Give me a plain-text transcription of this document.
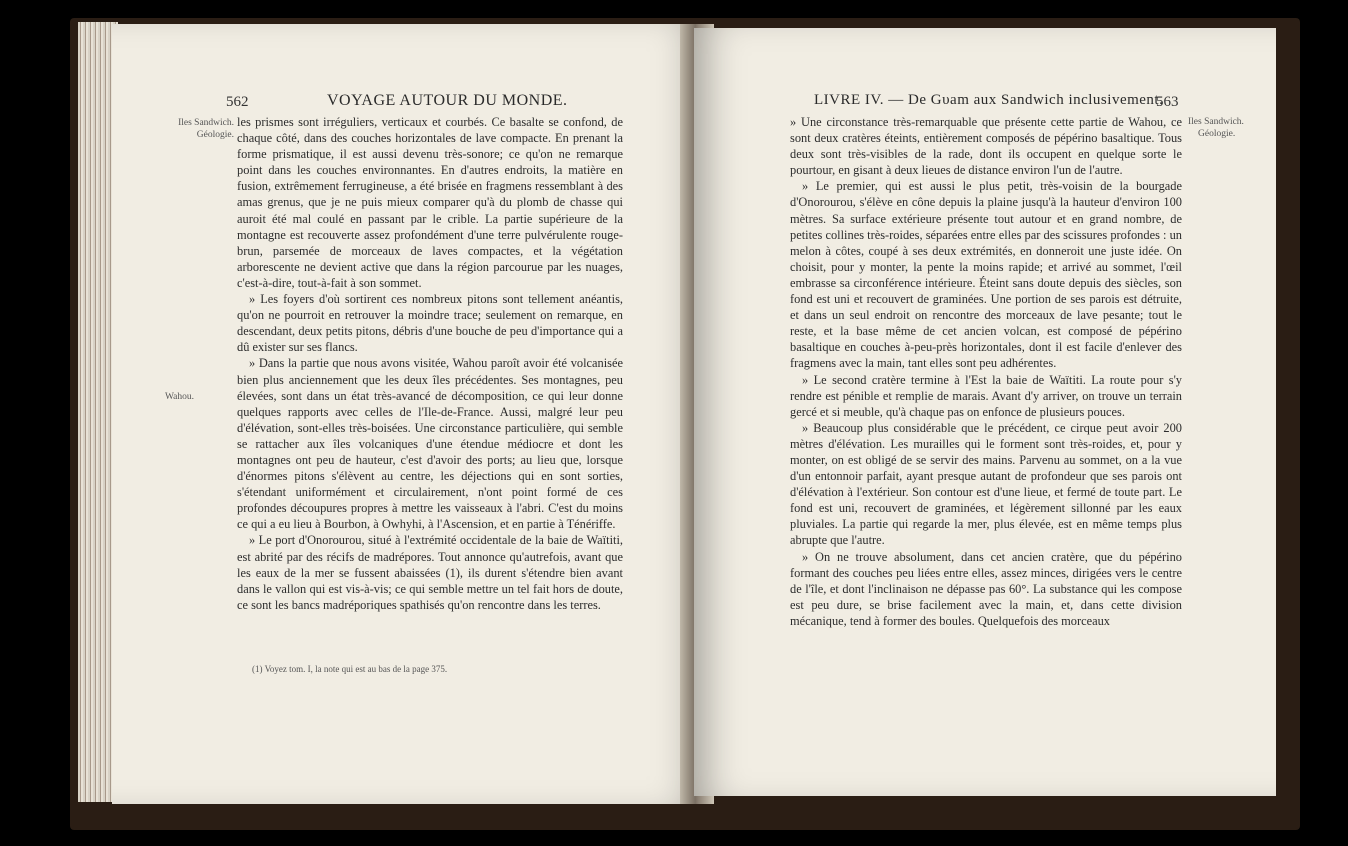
562	VOYAGE AUTOUR DU MONDE.
Iles Sandwich.
Géologie.
Wahou.

les prismes sont irréguliers, verticaux et courbés. Ce basalte se confond, de chaque côté, dans des couches horizontales de lave compacte. En prenant la forme prismatique, il est aussi devenu très-sonore; ce qu'on ne remarque point dans les couches environnantes. En d'autres endroits, la matière en fusion, extrêmement ferrugineuse, a été brisée en fragmens ressemblant à des amas grenus, que je ne puis mieux comparer qu'à du plomb de chasse qui auroit été mal coulé en passant par le crible. La partie supérieure de la montagne est recouverte assez profondément d'une terre pulvérulente rouge-brun, parsemée de morceaux de laves compactes, et la végétation arborescente ne devient active que dans la région parcourue par les nuages, c'est-à-dire, tout-à-fait à son sommet.

» Les foyers d'où sortirent ces nombreux pitons sont tellement anéantis, qu'on ne pourroit en retrouver la moindre trace; seulement on remarque, en descendant, deux petits pitons, débris d'une bouche de peu d'importance qui a dû exister sur ses flancs.

» Dans la partie que nous avons visitée, Wahou paroît avoir été volcanisée bien plus anciennement que les deux îles précédentes. Ses montagnes, peu élevées, sont dans un état très-avancé de décomposition, ce qui leur donne quelques rapports avec celles de l'Ile-de-France. Aussi, malgré leur peu d'élévation, sont-elles très-boisées. Une circonstance particulière, qui semble se rattacher aux îles volcaniques d'une étendue médiocre et dont les montagnes ont peu de hauteur, c'est d'avoir des ports; au lieu que, lorsque d'énormes pitons s'élèvent au centre, les déjections qui en sont sorties, s'étendant uniformément et circulairement, n'ont point formé de ces profondes découpures propres à mettre les vaisseaux à l'abri. C'est du moins ce qui a eu lieu à Bourbon, à Owhyhi, à l'Ascension, et en partie à Ténériffe.

» Le port d'Onorourou, situé à l'extrémité occidentale de la baie de Waïtiti, est abrité par des récifs de madrépores. Tout annonce qu'autrefois, avant que les eaux de la mer se fussent abaissées (1), ils durent s'étendre bien avant dans le vallon qui est vis-à-vis; ce qui semble mettre un tel fait hors de doute, ce sont les bancs madréporiques spathisés qu'on rencontre dans les terres.

(1) Voyez tom. I, la note qui est au bas de la page 375.
LIVRE IV. — De Gυam aux Sandwich inclusivement.
563
Iles Sandwich.
Géologie.

» Une circonstance très-remarquable que présente cette partie de Wahou, ce sont deux cratères éteints, entièrement composés de pépérino basaltique. Tous deux sont très-visibles de la rade, dont ils occupent en quelque sorte le pourtour, en gisant à deux lieues de distance environ l'un de l'autre.

» Le premier, qui est aussi le plus petit, très-voisin de la bourgade d'Onorourou, s'élève en cône depuis la plaine jusqu'à la hauteur d'environ 100 mètres. Sa surface extérieure présente tout autour et en grand nombre, de petites collines très-roides, séparées entre elles par des scissures profondes : un melon à côtes, coupé à ses deux extrémités, en donneroit une juste idée. On choisit, pour y monter, la pente la moins rapide; et arrivé au sommet, l'œil embrasse sa circonférence intérieure. Éteint sans doute depuis des siècles, son fond est uni et recouvert de graminées. Une portion de ses parois est détruite, et dans un seul endroit on rencontre des morceaux de lave pesante; tout le reste, et la base même de cet ancien volcan, est composé de pépérino basaltique en couches à-peu-près horizontales, dont il est facile d'enlever des fragmens avec la main, tant elles sont peu adhérentes.

» Le second cratère termine à l'Est la baie de Waïtiti. La route pour s'y rendre est pénible et remplie de marais. Avant d'y arriver, on trouve un terrain gercé et si meuble, qu'à chaque pas on enfonce de plusieurs pouces.

» Beaucoup plus considérable que le précédent, ce cirque peut avoir 200 mètres d'élévation. Les murailles qui le forment sont très-roides, et, pour y monter, on est obligé de se servir des mains. Parvenu au sommet, on a la vue d'un entonnoir parfait, ayant presque autant de profondeur que ses parois ont d'élévation à l'extérieur. Son contour est d'une lieue, et fermé de toute part. Le fond est uni, recouvert de graminées, et légèrement sillonné par les eaux pluviales. La partie qui regarde la mer, plus élevée, est en même temps plus abrupte que l'autre.

» On ne trouve absolument, dans cet ancien cratère, que du pépérino formant des couches peu liées entre elles, assez minces, dirigées vers le centre de l'île, et dont l'inclinaison ne dépasse pas 60°. La substance qui les compose est peu dure, se brise facilement avec la main, et, dans cette division mécanique, tend à former des boules. Quelquefois des morceaux
